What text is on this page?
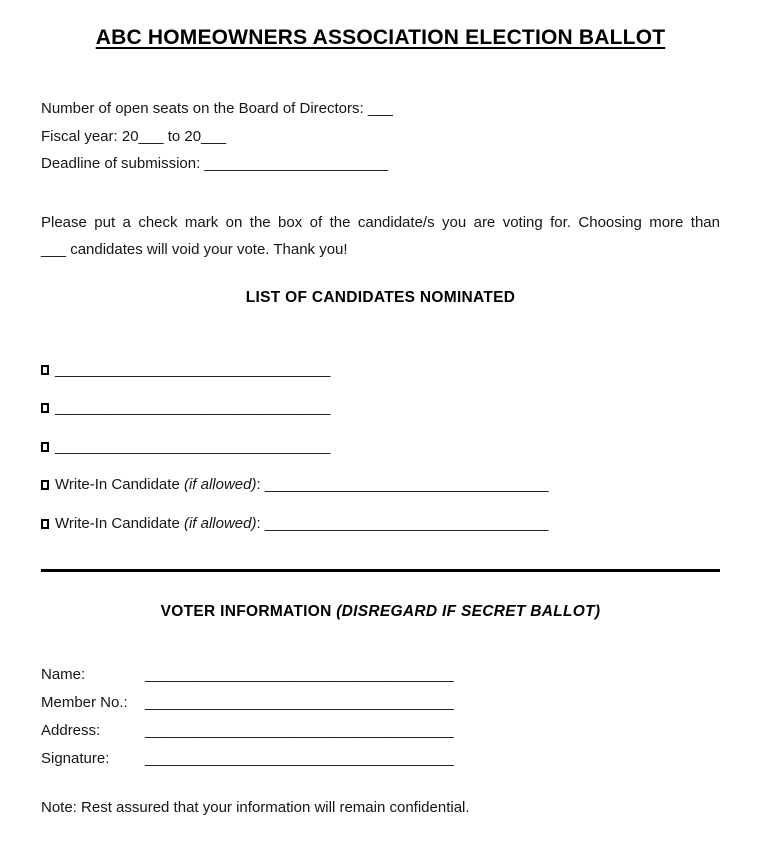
ABC HOMEOWNERS ASSOCIATION ELECTION BALLOT
Number of open seats on the Board of Directors: ___
Fiscal year: 20___ to 20___
Deadline of submission: ______________________
Please put a check mark on the box of the candidate/s you are voting for. Choosing more than
___ candidates will void your vote. Thank you!
LIST OF CANDIDATES NOMINATED
_________________________________
_________________________________
_________________________________
Write-In Candidate (if allowed): __________________________________
Write-In Candidate (if allowed): __________________________________
VOTER INFORMATION (DISREGARD IF SECRET BALLOT)
Name:	_____________________________________
Member No.: _____________________________________
Address:	_____________________________________
Signature: _____________________________________
Note: Rest assured that your information will remain confidential.
